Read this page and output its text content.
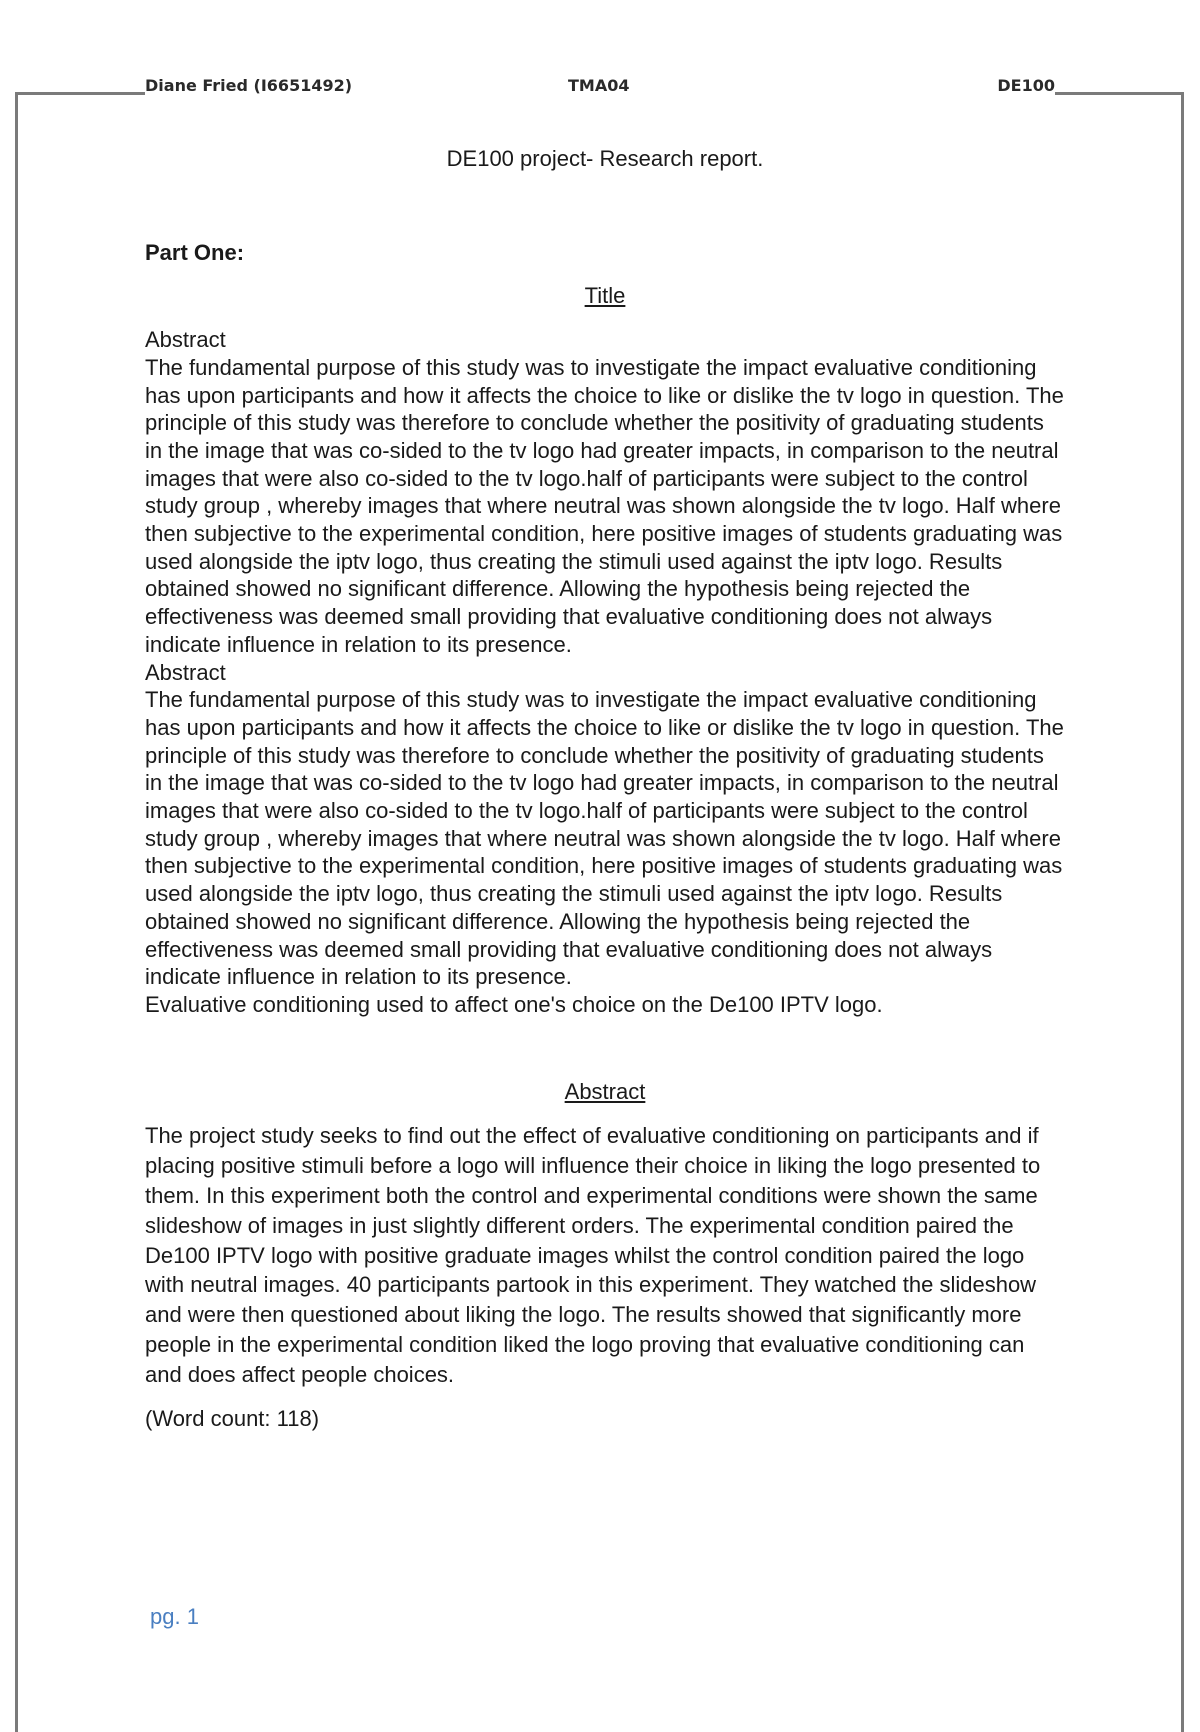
Diane Fried (I6651492)	TMA04	DE100

DE100 project- Research report.

Part One:

Title

Abstract

The fundamental purpose of this study was to investigate the impact evaluative conditioning has upon participants and how it affects the choice to like or dislike the tv logo in question. The principle of this study was therefore to conclude whether the positivity of graduating students in the image that was co-sided to the tv logo had greater impacts, in comparison to the neutral images that were also co-sided to the tv logo.half of participants were subject to the control study group , whereby images that where neutral was shown alongside the tv logo. Half where then subjective to the experimental condition, here positive images of students graduating was used alongside the iptv logo, thus creating the stimuli used against the iptv logo. Results obtained showed no significant difference. Allowing the hypothesis being rejected the effectiveness was deemed small providing that evaluative conditioning does not always indicate influence in relation to its presence.

Abstract

The fundamental purpose of this study was to investigate the impact evaluative conditioning has upon participants and how it affects the choice to like or dislike the tv logo in question. The principle of this study was therefore to conclude whether the positivity of graduating students in the image that was co-sided to the tv logo had greater impacts, in comparison to the neutral images that were also co-sided to the tv logo.half of participants were subject to the control study group , whereby images that where neutral was shown alongside the tv logo. Half where then subjective to the experimental condition, here positive images of students graduating was used alongside the iptv logo, thus creating the stimuli used against the iptv logo. Results obtained showed no significant difference. Allowing the hypothesis being rejected the effectiveness was deemed small providing that evaluative conditioning does not always indicate influence in relation to its presence.

Evaluative conditioning used to affect one's choice on the De100 IPTV logo.

Abstract

The project study seeks to find out the effect of evaluative conditioning on participants and if placing positive stimuli before a logo will influence their choice in liking the logo presented to them. In this experiment both the control and experimental conditions were shown the same slideshow of images in just slightly different orders. The experimental condition paired the De100 IPTV logo with positive graduate images whilst the control condition paired the logo with neutral images. 40 participants partook in this experiment. They watched the slideshow and were then questioned about liking the logo. The results showed that significantly more people in the experimental condition liked the logo proving that evaluative conditioning can and does affect people choices.

(Word count: 118)

pg. 1
